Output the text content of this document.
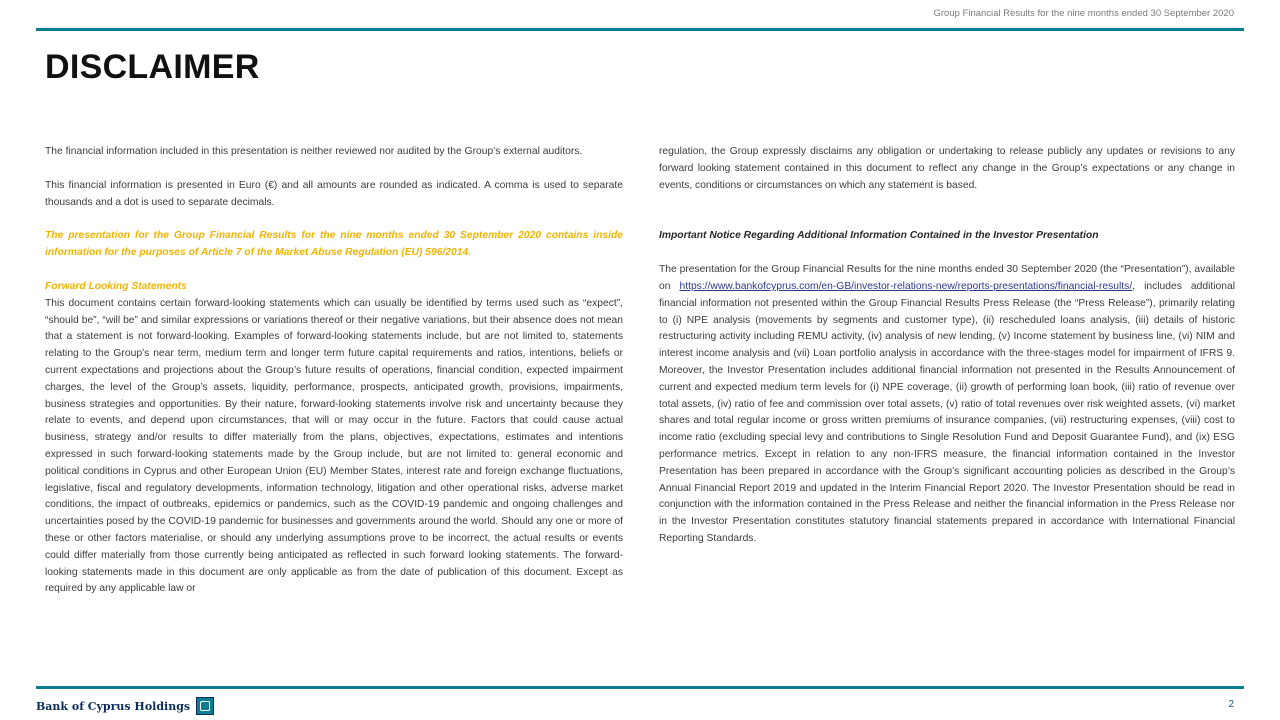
Group Financial Results for the nine months ended 30 September 2020
DISCLAIMER

The financial information included in this presentation is neither reviewed nor audited by the Group’s external auditors.

This financial information is presented in Euro (€) and all amounts are rounded as indicated. A comma is used to separate thousands and a dot is used to separate decimals.

The presentation for the Group Financial Results for the nine months ended 30 September 2020 contains inside information for the purposes of Article 7 of the Market Abuse Regulation (EU) 596/2014.

Forward Looking Statements

This document contains certain forward-looking statements which can usually be identified by terms used such as “expect”, “should be”, “will be” and similar expressions or variations thereof or their negative variations, but their absence does not mean that a statement is not forward-looking. Examples of forward-looking statements include, but are not limited to, statements relating to the Group’s near term, medium term and longer term future capital requirements and ratios, intentions, beliefs or current expectations and projections about the Group’s future results of operations, financial condition, expected impairment charges, the level of the Group’s assets, liquidity, performance, prospects, anticipated growth, provisions, impairments, business strategies and opportunities. By their nature, forward-looking statements involve risk and uncertainty because they relate to events, and depend upon circumstances, that will or may occur in the future. Factors that could cause actual business, strategy and/or results to differ materially from the plans, objectives, expectations, estimates and intentions expressed in such forward-looking statements made by the Group include, but are not limited to: general economic and political conditions in Cyprus and other European Union (EU) Member States, interest rate and foreign exchange fluctuations, legislative, fiscal and regulatory developments, information technology, litigation and other operational risks, adverse market conditions, the impact of outbreaks, epidemics or pandemics, such as the COVID-19 pandemic and ongoing challenges and uncertainties posed by the COVID-19 pandemic for businesses and governments around the world. Should any one or more of these or other factors materialise, or should any underlying assumptions prove to be incorrect, the actual results or events could differ materially from those currently being anticipated as reflected in such forward looking statements. The forward-looking statements made in this document are only applicable as from the date of publication of this document. Except as required by any applicable law or

regulation, the Group expressly disclaims any obligation or undertaking to release publicly any updates or revisions to any forward looking statement contained in this document to reflect any change in the Group’s expectations or any change in events, conditions or circumstances on which any statement is based.

Important Notice Regarding Additional Information Contained in the Investor Presentation

The presentation for the Group Financial Results for the nine months ended 30 September 2020 (the “Presentation”), available on https://www.bankofcyprus.com/en-GB/investor-relations-new/reports-presentations/financial-results/, includes additional financial information not presented within the Group Financial Results Press Release (the “Press Release”), primarily relating to (i) NPE analysis (movements by segments and customer type), (ii) rescheduled loans analysis, (iii) details of historic restructuring activity including REMU activity, (iv) analysis of new lending, (v) Income statement by business line, (vi) NIM and interest income analysis and (vii) Loan portfolio analysis in accordance with the three-stages model for impairment of IFRS 9. Moreover, the Investor Presentation includes additional financial information not presented in the Results Announcement of current and expected medium term levels for (i) NPE coverage, (ii) growth of performing loan book, (iii) ratio of revenue over total assets, (iv) ratio of fee and commission over total assets, (v) ratio of total revenues over risk weighted assets, (vi) market shares and total regular income or gross written premiums of insurance companies, (vii) restructuring expenses, (viii) cost to income ratio (excluding special levy and contributions to Single Resolution Fund and Deposit Guarantee Fund), and (ix) ESG performance metrics. Except in relation to any non-IFRS measure, the financial information contained in the Investor Presentation has been prepared in accordance with the Group’s significant accounting policies as described in the Group’s Annual Financial Report 2019 and updated in the Interim Financial Report 2020. The Investor Presentation should be read in conjunction with the information contained in the Press Release and neither the financial information in the Press Release nor in the Investor Presentation constitutes statutory financial statements prepared in accordance with International Financial Reporting Standards.

Bank of Cyprus Holdings	2
